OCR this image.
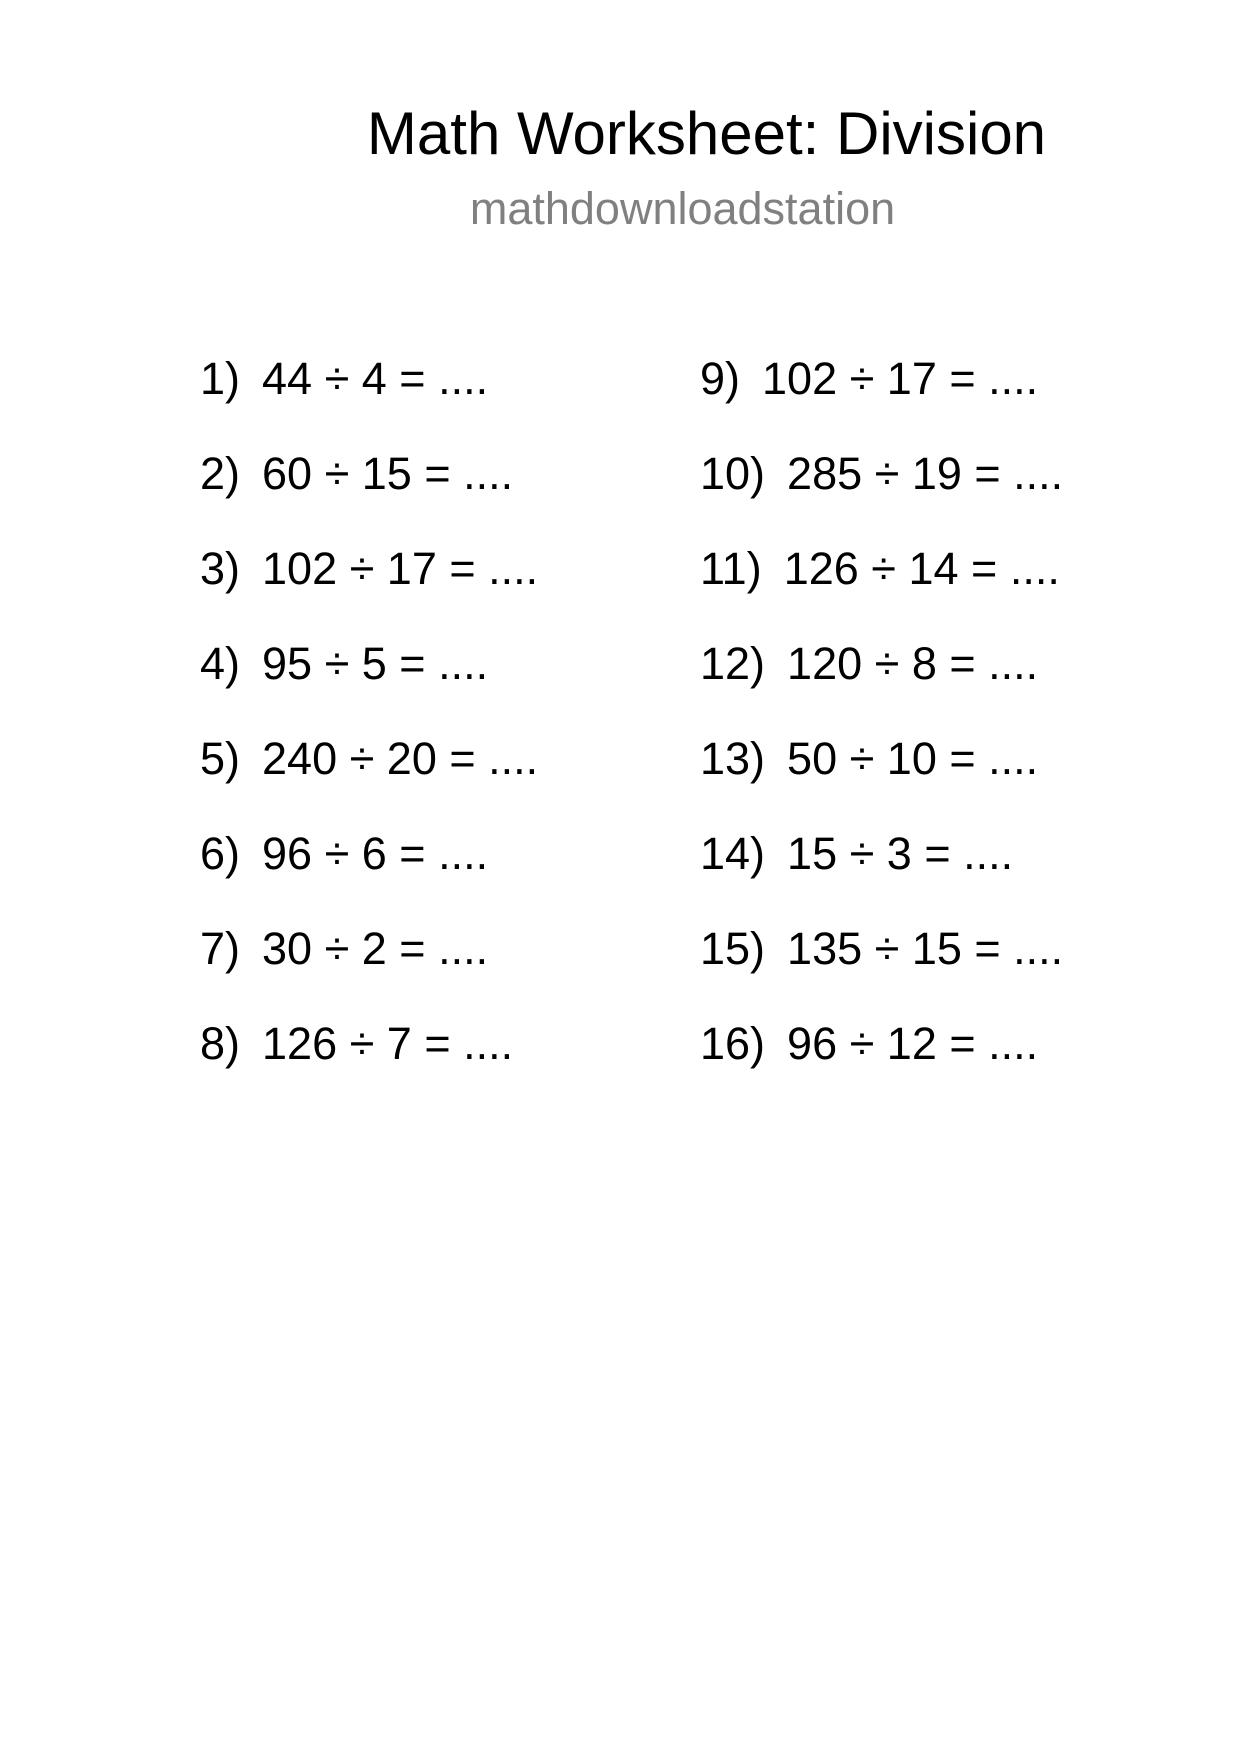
Math Worksheet: Division
mathdownloadstation
1) 44 ÷ 4 = ....
2) 60 ÷ 15 = ....
3) 102 ÷ 17 = ....
4) 95 ÷ 5 = ....
5) 240 ÷ 20 = ....
6) 96 ÷ 6 = ....
7) 30 ÷ 2 = ....
8) 126 ÷ 7 = ....
9) 102 ÷ 17 = ....
10) 285 ÷ 19 = ....
11) 126 ÷ 14 = ....
12) 120 ÷ 8 = ....
13) 50 ÷ 10 = ....
14) 15 ÷ 3 = ....
15) 135 ÷ 15 = ....
16) 96 ÷ 12 = ....
